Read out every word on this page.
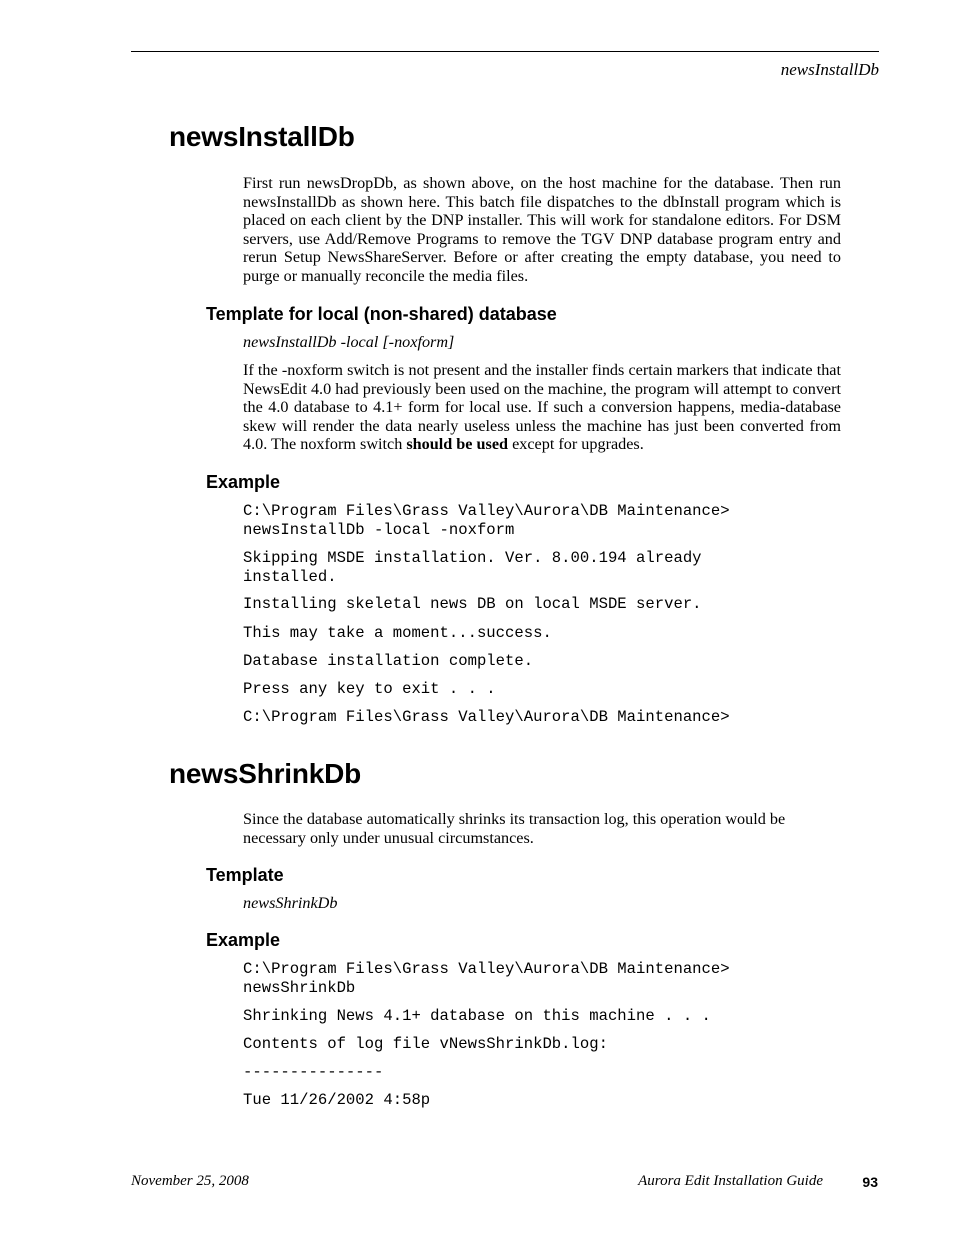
newsInstallDb
newsInstallDb
First run newsDropDb, as shown above, on the host machine for the database. Then run newsInstallDb as shown here. This batch file dispatches to the dbInstall program which is placed on each client by the DNP installer. This will work for standalone editors. For DSM servers, use Add/Remove Programs to remove the TGV DNP database program entry and rerun Setup NewsShareServer. Before or after creating the empty database, you need to purge or manually reconcile the media files.
Template for local (non-shared) database
newsInstallDb -local [-noxform]
If the -noxform switch is not present and the installer finds certain markers that indicate that NewsEdit 4.0 had previously been used on the machine, the program will attempt to convert the 4.0 database to 4.1+ form for local use. If such a conversion happens, media-database skew will render the data nearly useless unless the machine has just been converted from 4.0. The noxform switch should be used except for upgrades.
Example
C:\Program Files\Grass Valley\Aurora\DB Maintenance>
newsInstallDb -local -noxform
Skipping MSDE installation. Ver. 8.00.194 already
installed.
Installing skeletal news DB on local MSDE server.
This may take a moment...success.
Database installation complete.
Press any key to exit . . .
C:\Program Files\Grass Valley\Aurora\DB Maintenance>
newsShrinkDb
Since the database automatically shrinks its transaction log, this operation would be necessary only under unusual circumstances.
Template
newsShrinkDb
Example
C:\Program Files\Grass Valley\Aurora\DB Maintenance>
newsShrinkDb
Shrinking News 4.1+ database on this machine . . .
Contents of log file vNewsShrinkDb.log:
---------------
Tue 11/26/2002 4:58p
November 25, 2008	Aurora Edit Installation Guide	93
